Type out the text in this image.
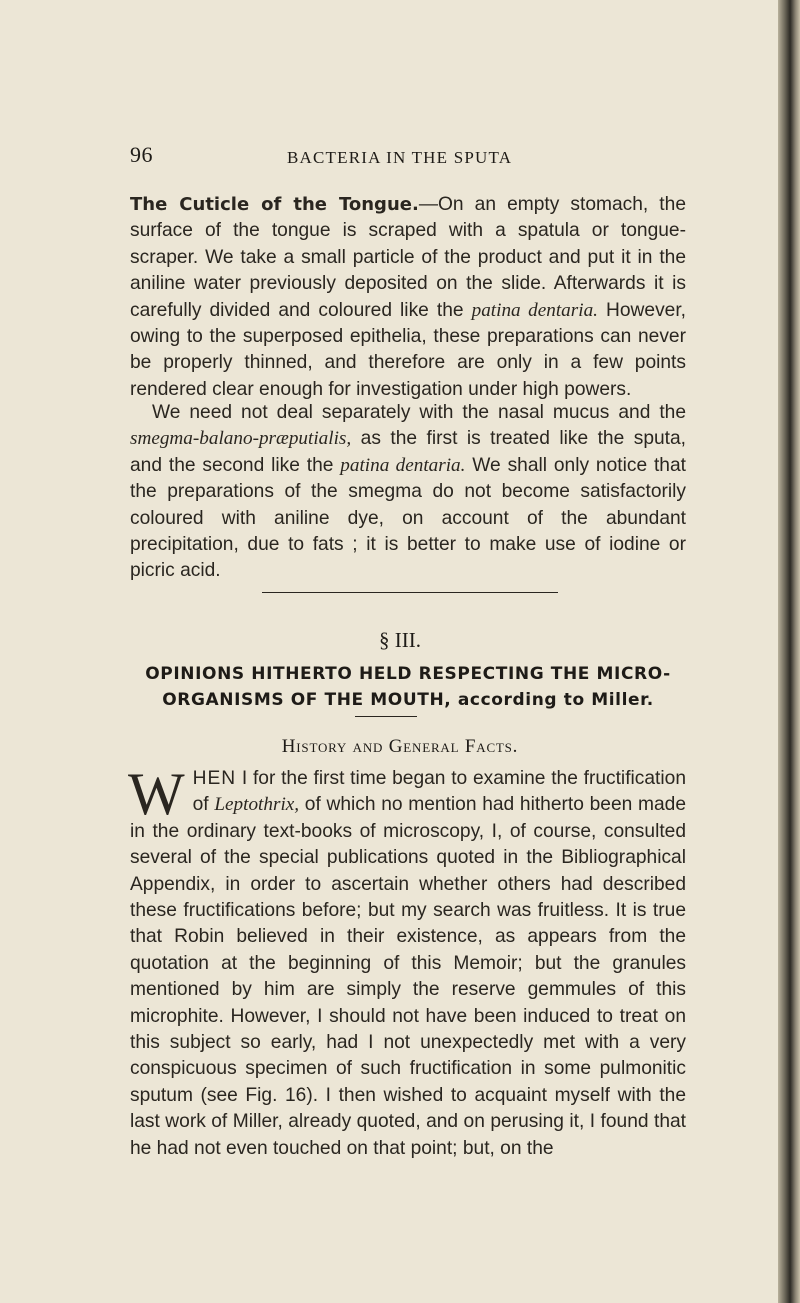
96	BACTERIA IN THE SPUTA
The Cuticle of the Tongue.—On an empty stomach, the surface of the tongue is scraped with a spatula or tongue-scraper. We take a small particle of the product and put it in the aniline water previously deposited on the slide. Afterwards it is carefully divided and coloured like the patina dentaria. However, owing to the superposed epithelia, these preparations can never be properly thinned, and therefore are only in a few points rendered clear enough for investigation under high powers.
We need not deal separately with the nasal mucus and the smegma-balano-præputialis, as the first is treated like the sputa, and the second like the patina dentaria. We shall only notice that the preparations of the smegma do not become satisfactorily coloured with aniline dye, on account of the abundant precipitation, due to fats ; it is better to make use of iodine or picric acid.
§ III.
OPINIONS HITHERTO HELD RESPECTING THE MICRO-
ORGANISMS OF THE MOUTH, according to Miller.
History and General Facts.
WHEN I for the first time began to examine the fructification of Leptothrix, of which no mention had hitherto been made in the ordinary text-books of microscopy, I, of course, consulted several of the special publications quoted in the Bibliographical Appendix, in order to ascertain whether others had described these fructifications before; but my search was fruitless. It is true that Robin believed in their existence, as appears from the quotation at the beginning of this Memoir; but the granules mentioned by him are simply the reserve gemmules of this microphite. However, I should not have been induced to treat on this subject so early, had I not unexpectedly met with a very conspicuous specimen of such fructification in some pulmonitic sputum (see Fig. 16). I then wished to acquaint myself with the last work of Miller, already quoted, and on perusing it, I found that he had not even touched on that point; but, on the
